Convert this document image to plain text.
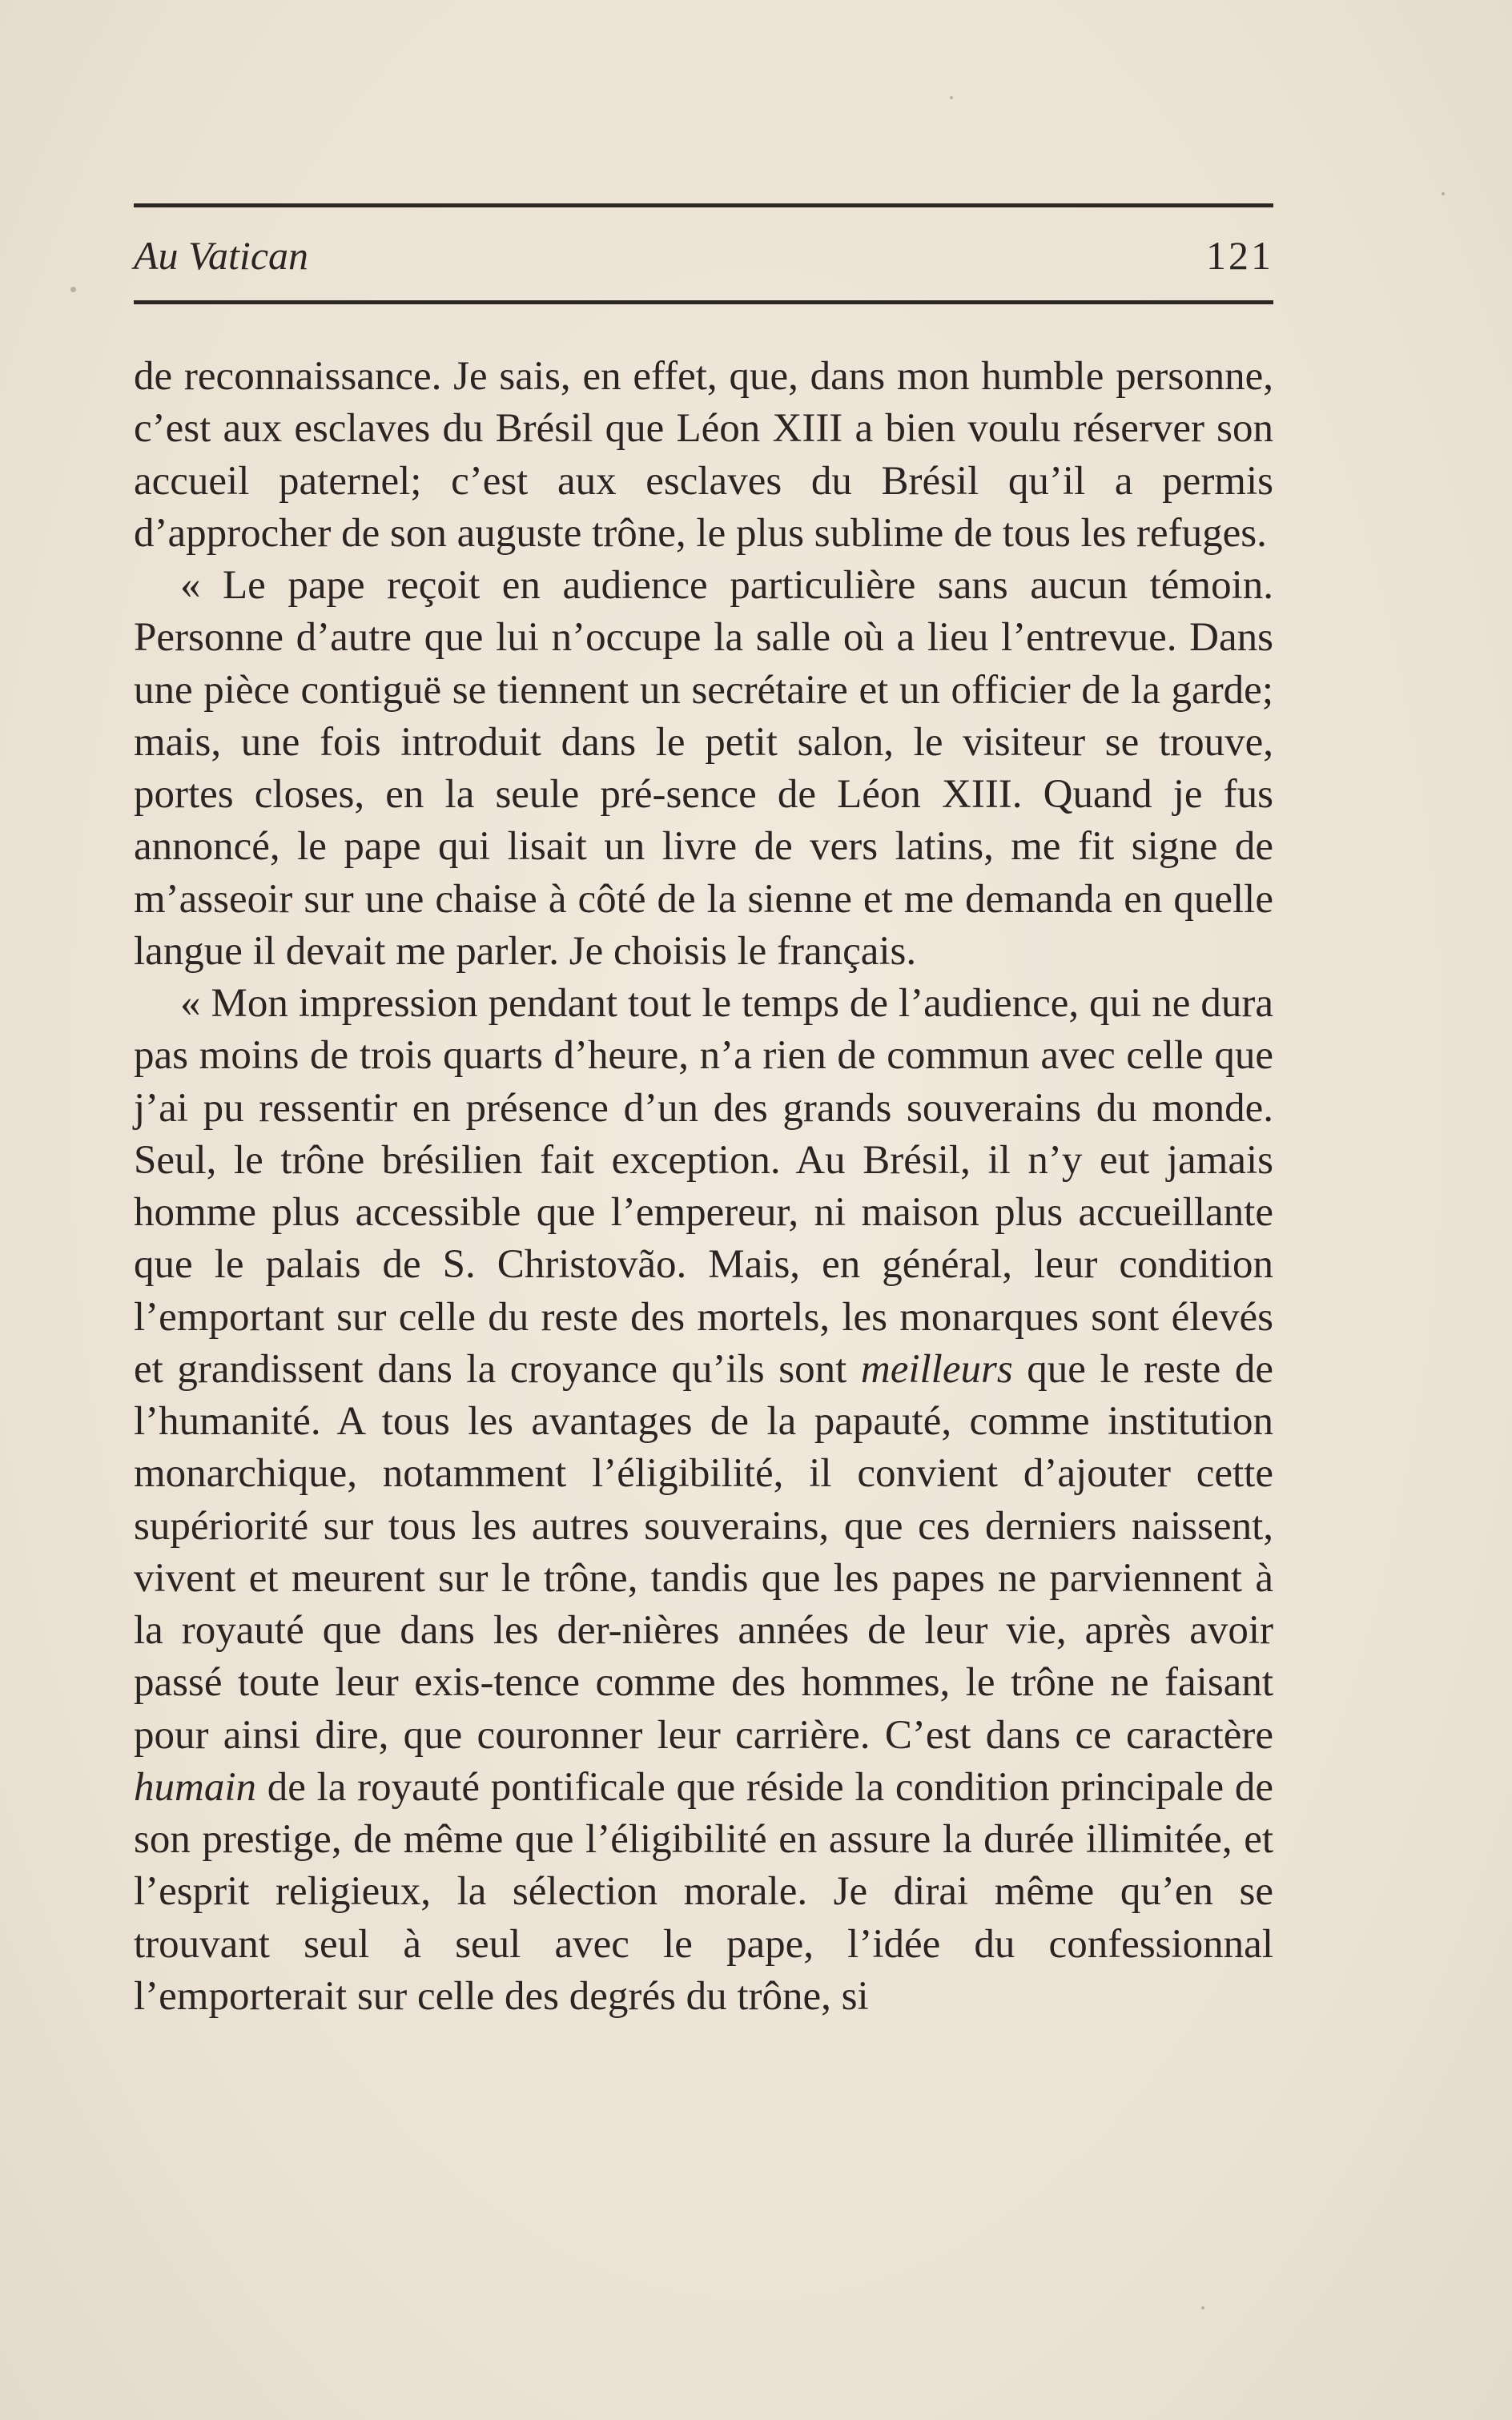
Au Vatican	121

de reconnaissance. Je sais, en effet, que, dans mon humble personne, c’est aux esclaves du Brésil que Léon XIII a bien voulu réserver son accueil paternel; c’est aux esclaves du Brésil qu’il a permis d’approcher de son auguste trône, le plus sublime de tous les refuges.

« Le pape reçoit en audience particulière sans aucun témoin. Personne d’autre que lui n’occupe la salle où a lieu l’entrevue. Dans une pièce contiguë se tiennent un secrétaire et un officier de la garde; mais, une fois introduit dans le petit salon, le visiteur se trouve, portes closes, en la seule pré-sence de Léon XIII. Quand je fus annoncé, le pape qui lisait un livre de vers latins, me fit signe de m’asseoir sur une chaise à côté de la sienne et me demanda en quelle langue il devait me parler. Je choisis le français.

« Mon impression pendant tout le temps de l’audience, qui ne dura pas moins de trois quarts d’heure, n’a rien de commun avec celle que j’ai pu ressentir en présence d’un des grands souverains du monde. Seul, le trône brésilien fait exception. Au Brésil, il n’y eut jamais homme plus accessible que l’empereur, ni maison plus accueillante que le palais de S. Christovão. Mais, en général, leur condition l’emportant sur celle du reste des mortels, les monarques sont élevés et grandissent dans la croyance qu’ils sont meilleurs que le reste de l’humanité. A tous les avantages de la papauté, comme institution monarchique, notamment l’éligibilité, il convient d’ajouter cette supériorité sur tous les autres souverains, que ces derniers naissent, vivent et meurent sur le trône, tandis que les papes ne parviennent à la royauté que dans les der-nières années de leur vie, après avoir passé toute leur exis-tence comme des hommes, le trône ne faisant pour ainsi dire, que couronner leur carrière. C’est dans ce caractère humain de la royauté pontificale que réside la condition principale de son prestige, de même que l’éligibilité en assure la durée illimitée, et l’esprit religieux, la sélection morale. Je dirai même qu’en se trouvant seul à seul avec le pape, l’idée du confessionnal l’emporterait sur celle des degrés du trône, si
